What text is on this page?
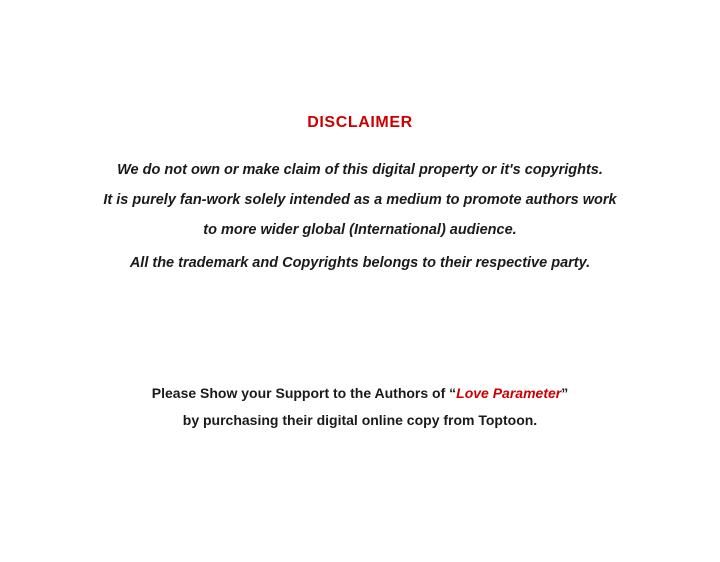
DISCLAIMER
We do not own or make claim of this digital property or it's copyrights.
It is purely fan-work solely intended as a medium to promote authors work
to more wider global (International) audience.
All the trademark and Copyrights belongs to their respective party.
Please Show your Support to the Authors of “Love Parameter”
by purchasing their digital online copy from Toptoon.
